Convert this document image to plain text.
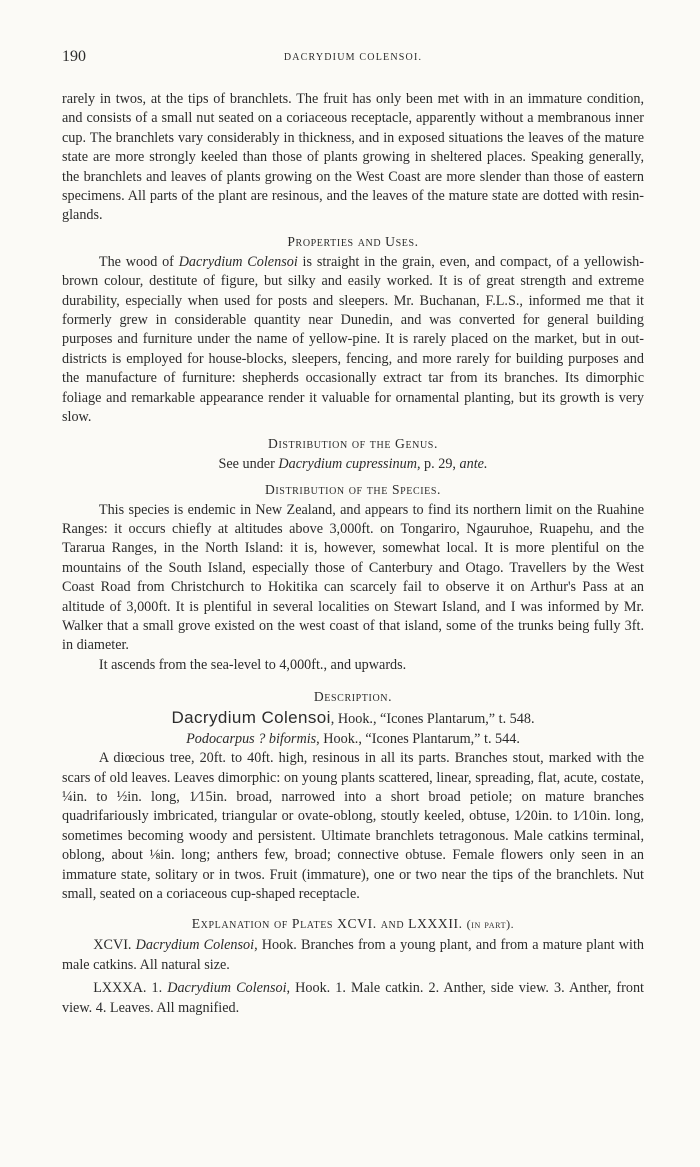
190	DACRYDIUM COLENSOI.

rarely in twos, at the tips of branchlets. The fruit has only been met with in an immature condition, and consists of a small nut seated on a coriaceous receptacle, apparently without a membranous inner cup. The branchlets vary considerably in thickness, and in exposed situations the leaves of the mature state are more strongly keeled than those of plants growing in sheltered places. Speaking generally, the branchlets and leaves of plants growing on the West Coast are more slender than those of eastern specimens. All parts of the plant are resinous, and the leaves of the mature state are dotted with resin-glands.

Properties and Uses.

The wood of Dacrydium Colensoi is straight in the grain, even, and compact, of a yellowish-brown colour, destitute of figure, but silky and easily worked. It is of great strength and extreme durability, especially when used for posts and sleepers. Mr. Buchanan, F.L.S., informed me that it formerly grew in considerable quantity near Dunedin, and was converted for general building purposes and furniture under the name of yellow-pine. It is rarely placed on the market, but in out-districts is employed for house-blocks, sleepers, fencing, and more rarely for building purposes and the manufacture of furniture: shepherds occasionally extract tar from its branches. Its dimorphic foliage and remarkable appearance render it valuable for ornamental planting, but its growth is very slow.

Distribution of the Genus.
See under Dacrydium cupressinum, p. 29, ante.
Distribution of the Species.

This species is endemic in New Zealand, and appears to find its northern limit on the Ruahine Ranges: it occurs chiefly at altitudes above 3,000ft. on Tongariro, Ngauruhoe, Ruapehu, and the Tararua Ranges, in the North Island: it is, however, somewhat local. It is more plentiful on the mountains of the South Island, especially those of Canterbury and Otago. Travellers by the West Coast Road from Christchurch to Hokitika can scarcely fail to observe it on Arthur's Pass at an altitude of 3,000ft. It is plentiful in several localities on Stewart Island, and I was informed by Mr. Walker that a small grove existed on the west coast of that island, some of the trunks being fully 3ft. in diameter.

It ascends from the sea-level to 4,000ft., and upwards.

Description.
Dacrydium Colensoi, Hook., “Icones Plantarum,” t. 548.
Podocarpus ? biformis, Hook., “Icones Plantarum,” t. 544.

A diœcious tree, 20ft. to 40ft. high, resinous in all its parts. Branches stout, marked with the scars of old leaves. Leaves dimorphic: on young plants scattered, linear, spreading, flat, acute, costate, ¼in. to ½in. long, 1⁄15in. broad, narrowed into a short broad petiole; on mature branches quadrifariously imbricated, triangular or ovate-oblong, stoutly keeled, obtuse, 1⁄20in. to 1⁄10in. long, sometimes becoming woody and persistent. Ultimate branchlets tetragonous. Male catkins terminal, oblong, about ⅛in. long; anthers few, broad; connective obtuse. Female flowers only seen in an immature state, solitary or in twos. Fruit (immature), one or two near the tips of the branchlets. Nut small, seated on a coriaceous cup-shaped receptacle.

Explanation of Plates XCVI. and LXXXII. (in part).

XCVI. Dacrydium Colensoi, Hook. Branches from a young plant, and from a mature plant with male catkins. All natural size.

LXXXA. 1. Dacrydium Colensoi, Hook. 1. Male catkin. 2. Anther, side view. 3. Anther, front view. 4. Leaves. All magnified.
